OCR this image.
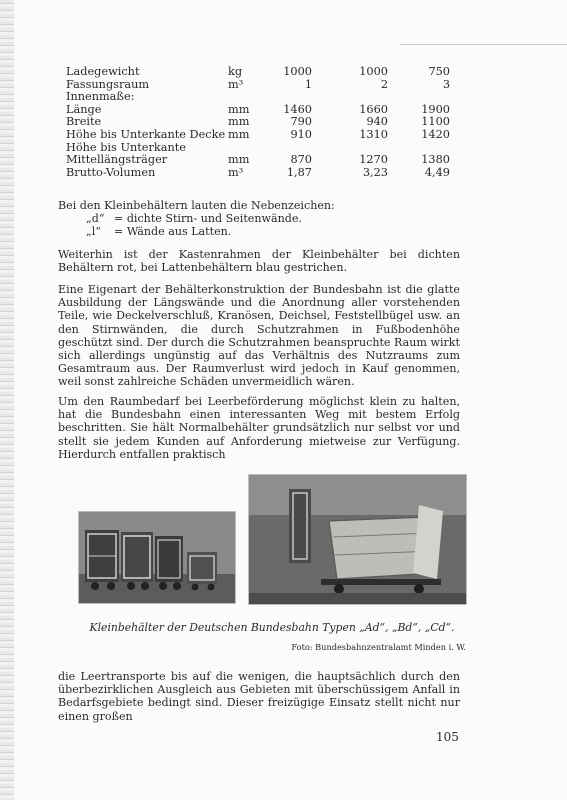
Ladegewicht	kg	1000	1000	750
Fassungsraum	m³	1	2	3
Innenmaße:
Länge	mm	1460	1660	1900
Breite	mm	790	940	1100
Höhe bis Unterkante Decke mm	910	1310	1420
Höhe bis Unterkante
Mittellängsträger	mm	870	1270	1380
Brutto-Volumen	m³	1,87	3,23	4,49
Bei den Kleinbehältern lauten die Nebenzeichen:
„d“ = dichte Stirn- und Seitenwände.
„l“ = Wände aus Latten.

Weiterhin ist der Kastenrahmen der Kleinbehälter bei dichten Behältern rot, bei Lattenbehältern blau gestrichen.

Eine Eigenart der Behälterkonstruktion der Bundesbahn ist die glatte Ausbildung der Längswände und die Anordnung aller vorstehenden Teile, wie Deckelverschluß, Kranösen, Deichsel, Feststellbügel usw. an den Stirnwänden, die durch Schutzrahmen in Fußbodenhöhe geschützt sind. Der durch die Schutzrahmen beanspruchte Raum wirkt sich allerdings ungünstig auf das Verhältnis des Nutzraums zum Gesamtraum aus. Der Raumverlust wird jedoch in Kauf genommen, weil sonst zahlreiche Schäden unvermeidlich wären.

Um den Raumbedarf bei Leerbeförderung möglichst klein zu halten, hat die Bundesbahn einen interessanten Weg mit bestem Erfolg beschritten. Sie hält Normalbehälter grundsätzlich nur selbst vor und stellt sie jedem Kunden auf Anforderung mietweise zur Verfügung. Hierdurch entfallen praktisch

Kleinbehälter der Deutschen Bundesbahn Typen „Ad“, „Bd“, „Cd“.
Foto: Bundesbahnzentralamt Minden i. W.

die Leertransporte bis auf die wenigen, die hauptsächlich durch den überbezirklichen Ausgleich aus Gebieten mit überschüssigem Anfall in Bedarfsgebiete bedingt sind. Dieser freizügige Einsatz stellt nicht nur einen großen

105
